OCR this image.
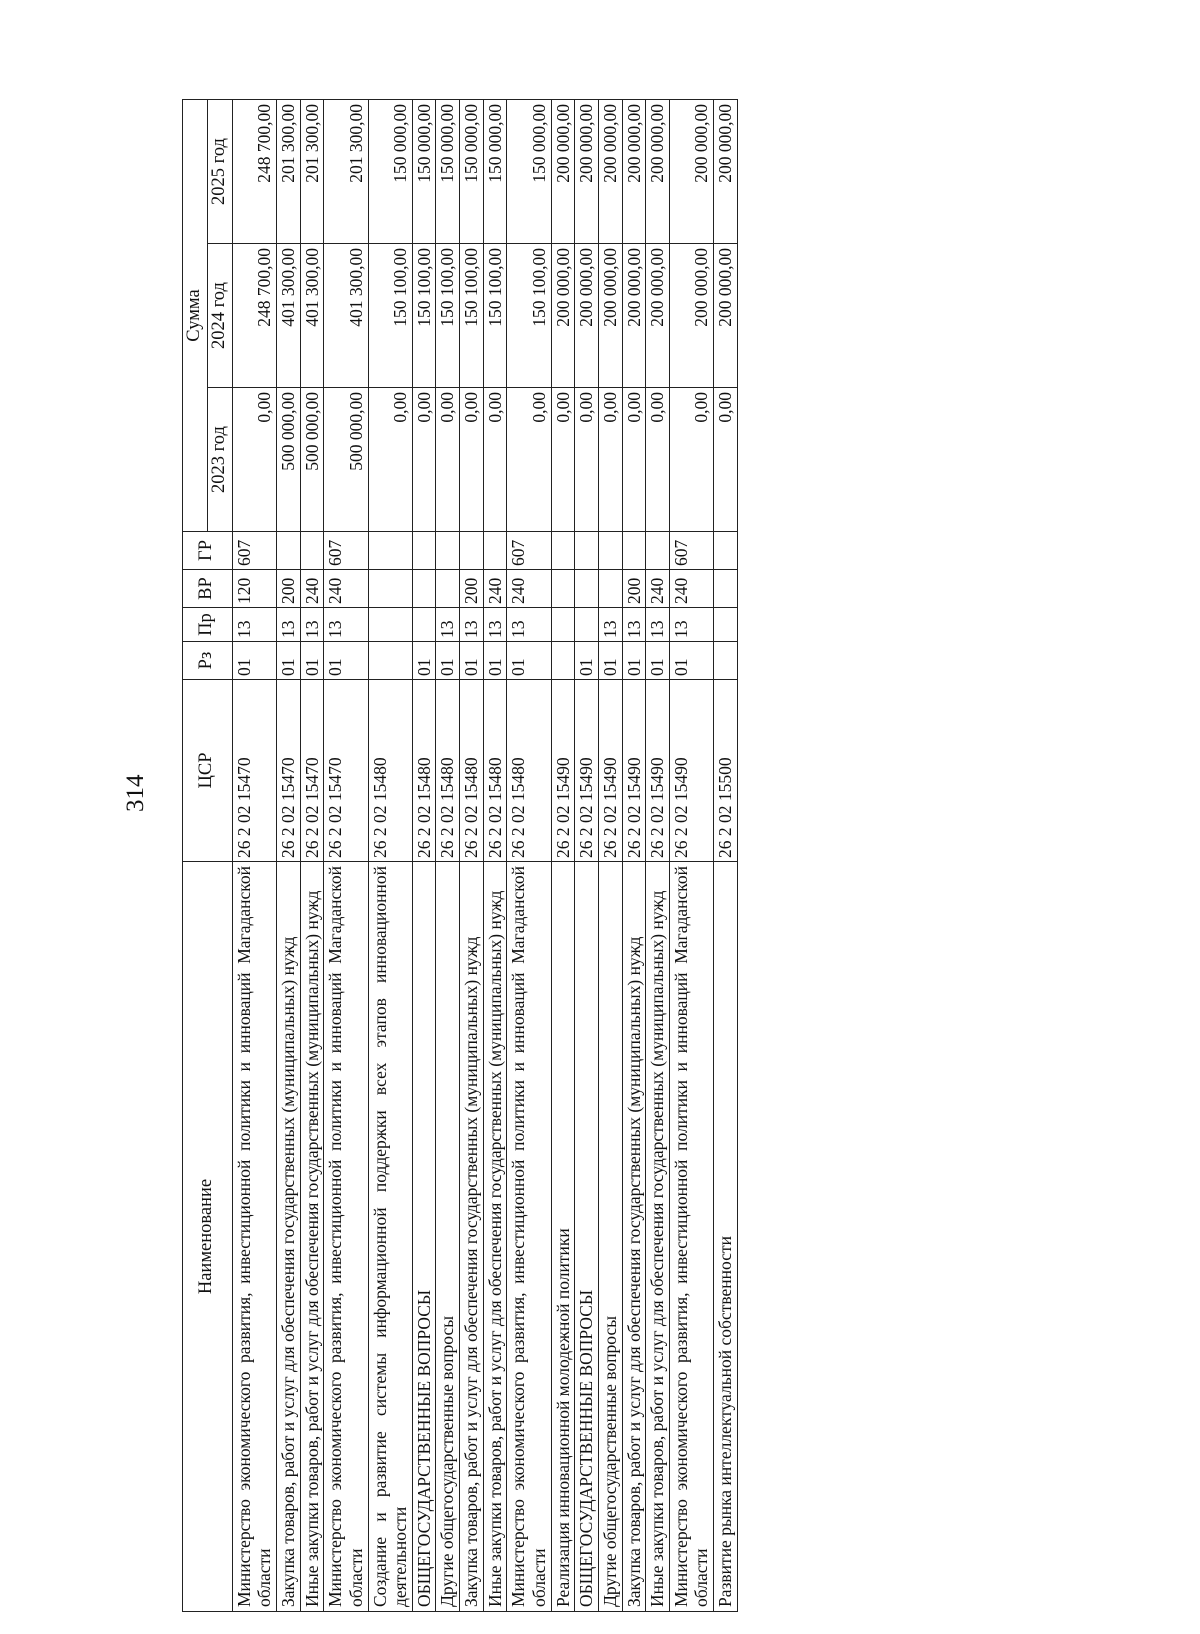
314
Наименование	ЦСР	Рз	Пр	ВР	ГР	Сумма		
						2023 год	2024 год	2025 год
Министерство экономического развития, инвестиционной политики и инноваций Магаданской области	26 2 02 15470	01	13	120	607	0,00	248 700,00	248 700,00
Закупка товаров, работ и услуг для обеспечения государственных (муниципальных) нужд	26 2 02 15470	01	13	200		500 000,00	401 300,00	201 300,00
Иные закупки товаров, работ и услуг для обеспечения государственных (муниципальных) нужд	26 2 02 15470	01	13	240		500 000,00	401 300,00	201 300,00
Министерство экономического развития, инвестиционной политики и инноваций Магаданской области	26 2 02 15470	01	13	240	607	500 000,00	401 300,00	201 300,00
Создание и развитие системы информационной поддержки всех этапов инновационной деятельности	26 2 02 15480					0,00	150 100,00	150 000,00
ОБЩЕГОСУДАРСТВЕННЫЕ ВОПРОСЫ	26 2 02 15480	01				0,00	150 100,00	150 000,00
Другие общегосударственные вопросы	26 2 02 15480	01	13			0,00	150 100,00	150 000,00
Закупка товаров, работ и услуг для обеспечения государственных (муниципальных) нужд	26 2 02 15480	01	13	200		0,00	150 100,00	150 000,00
Иные закупки товаров, работ и услуг для обеспечения государственных (муниципальных) нужд	26 2 02 15480	01	13	240		0,00	150 100,00	150 000,00
Министерство экономического развития, инвестиционной политики и инноваций Магаданской области	26 2 02 15480	01	13	240	607	0,00	150 100,00	150 000,00
Реализация инновационной молодежной политики	26 2 02 15490					0,00	200 000,00	200 000,00
ОБЩЕГОСУДАРСТВЕННЫЕ ВОПРОСЫ	26 2 02 15490	01				0,00	200 000,00	200 000,00
Другие общегосударственные вопросы	26 2 02 15490	01	13			0,00	200 000,00	200 000,00
Закупка товаров, работ и услуг для обеспечения государственных (муниципальных) нужд	26 2 02 15490	01	13	200		0,00	200 000,00	200 000,00
Иные закупки товаров, работ и услуг для обеспечения государственных (муниципальных) нужд	26 2 02 15490	01	13	240		0,00	200 000,00	200 000,00
Министерство экономического развития, инвестиционной политики и инноваций Магаданской области	26 2 02 15490	01	13	240	607	0,00	200 000,00	200 000,00
Развитие рынка интеллектуальной собственности	26 2 02 15500					0,00	200 000,00	200 000,00
